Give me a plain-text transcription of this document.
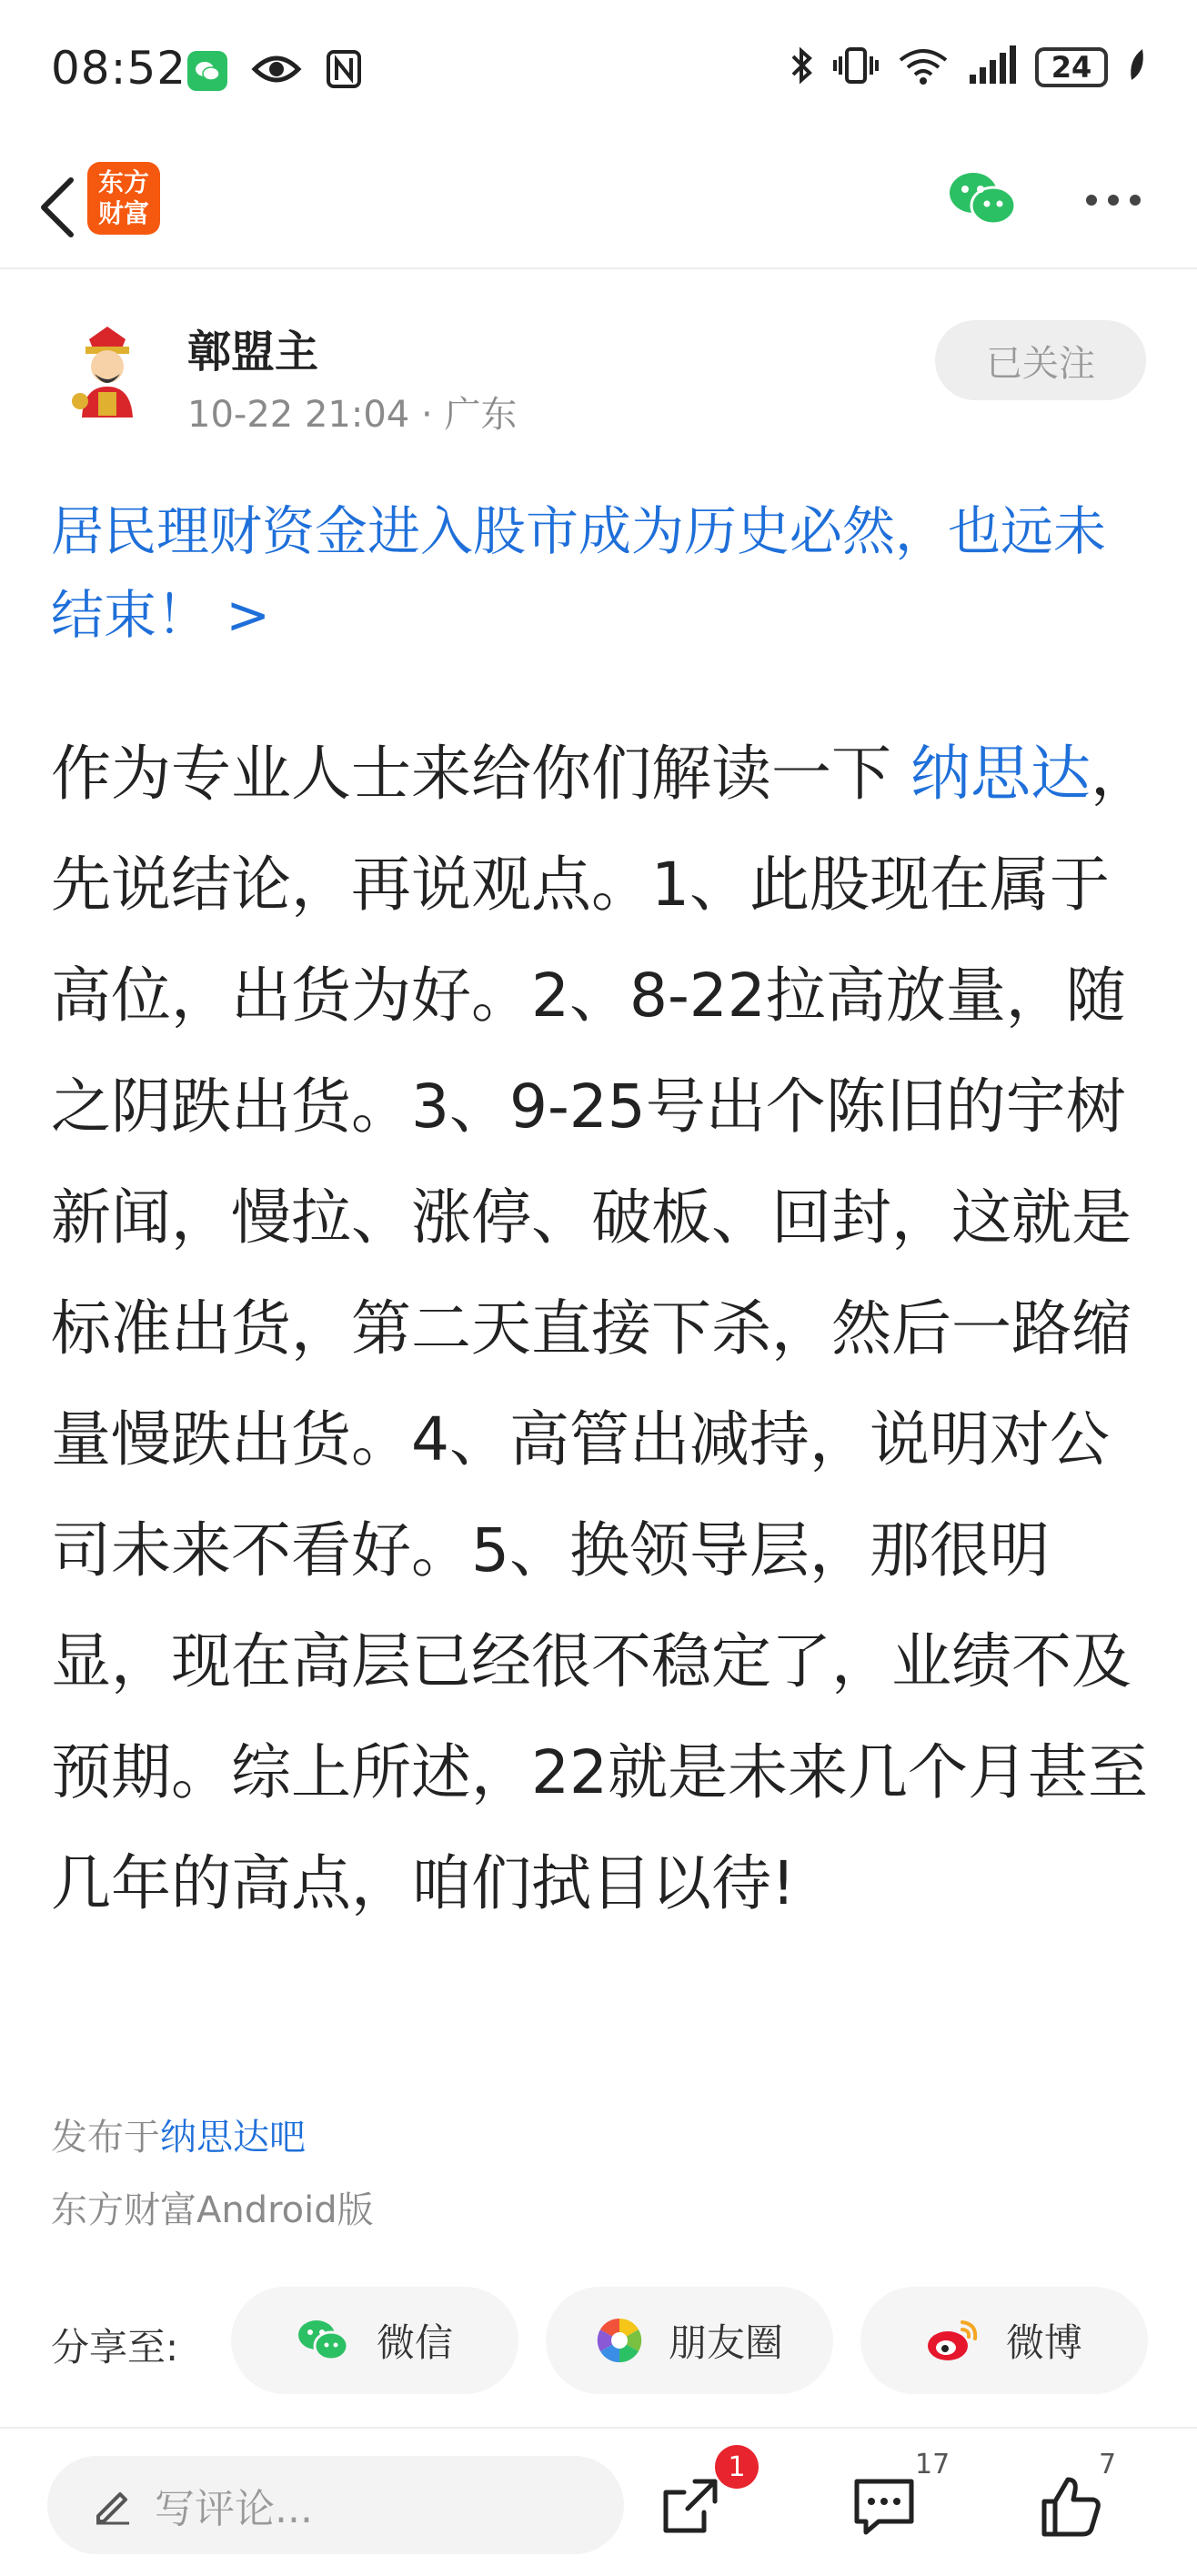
08:52	24
东方
财富
鄣盟主
10-22 21:04 · 广东
已关注
居民理财资金进入股市成为历史必然，也远未结束！ >
作为专业人士来给你们解读一下 纳思达，先说结论，再说观点。1、此股现在属于高位，出货为好。2、8-22拉高放量，随之阴跌出货。3、9-25号出个陈旧的宇树新闻，慢拉、涨停、破板、回封，这就是标准出货，第二天直接下杀，然后一路缩量慢跌出货。4、高管出减持，说明对公司未来不看好。5、换领导层，那很明显，现在高层已经很不稳定了，业绩不及预期。综上所述，22就是未来几个月甚至几年的高点，咱们拭目以待!
发布于纳思达吧
东方财富Android版
分享至:	微信	朋友圈	微博
写评论...
1	17	7
